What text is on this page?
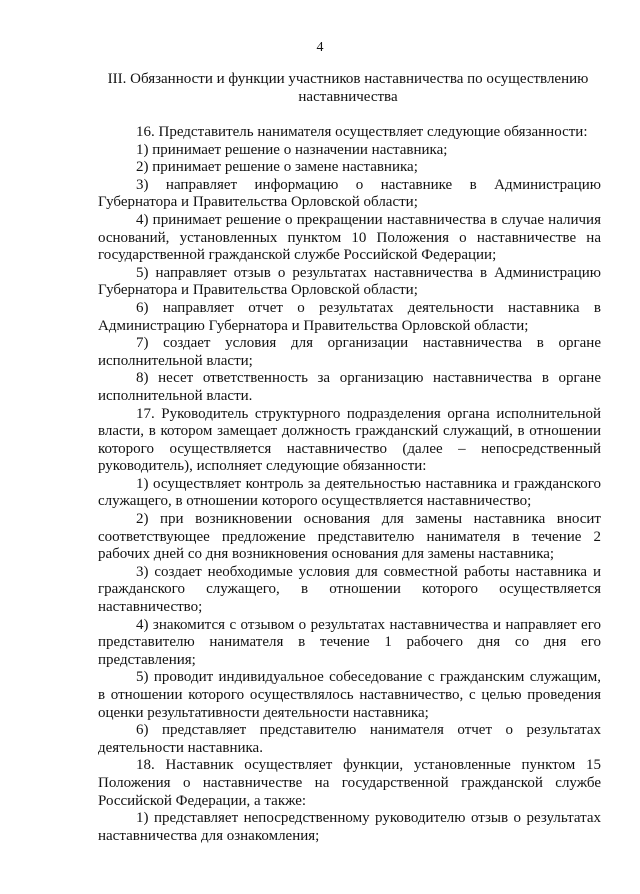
4
III. Обязанности и функции участников наставничества по осуществлению наставничества

16. Представитель нанимателя осуществляет следующие обязанности:

1) принимает решение о назначении наставника;

2) принимает решение о замене наставника;

3) направляет информацию о наставнике в Администрацию Губернатора и Правительства Орловской области;

4) принимает решение о прекращении наставничества в случае наличия оснований, установленных пунктом 10 Положения о наставничестве на государственной гражданской службе Российской Федерации;

5) направляет отзыв о результатах наставничества в Администрацию Губернатора и Правительства Орловской области;

6) направляет отчет о результатах деятельности наставника в Администрацию Губернатора и Правительства Орловской области;

7) создает условия для организации наставничества в органе исполнительной власти;

8) несет ответственность за организацию наставничества в органе исполнительной власти.

17. Руководитель структурного подразделения органа исполнительной власти, в котором замещает должность гражданский служащий, в отношении которого осуществляется наставничество (далее – непосредственный руководитель), исполняет следующие обязанности:

1) осуществляет контроль за деятельностью наставника и гражданского служащего, в отношении которого осуществляется наставничество;

2) при возникновении основания для замены наставника вносит соответствующее предложение представителю нанимателя в течение 2 рабочих дней со дня возникновения основания для замены наставника;

3) создает необходимые условия для совместной работы наставника и гражданского служащего, в отношении которого осуществляется наставничество;

4) знакомится с отзывом о результатах наставничества и направляет его представителю нанимателя в течение 1 рабочего дня со дня его представления;

5) проводит индивидуальное собеседование с гражданским служащим, в отношении которого осуществлялось наставничество, с целью проведения оценки результативности деятельности наставника;

6) представляет представителю нанимателя отчет о результатах деятельности наставника.

18. Наставник осуществляет функции, установленные пунктом 15 Положения о наставничестве на государственной гражданской службе Российской Федерации, а также:

1) представляет непосредственному руководителю отзыв о результатах наставничества для ознакомления;
